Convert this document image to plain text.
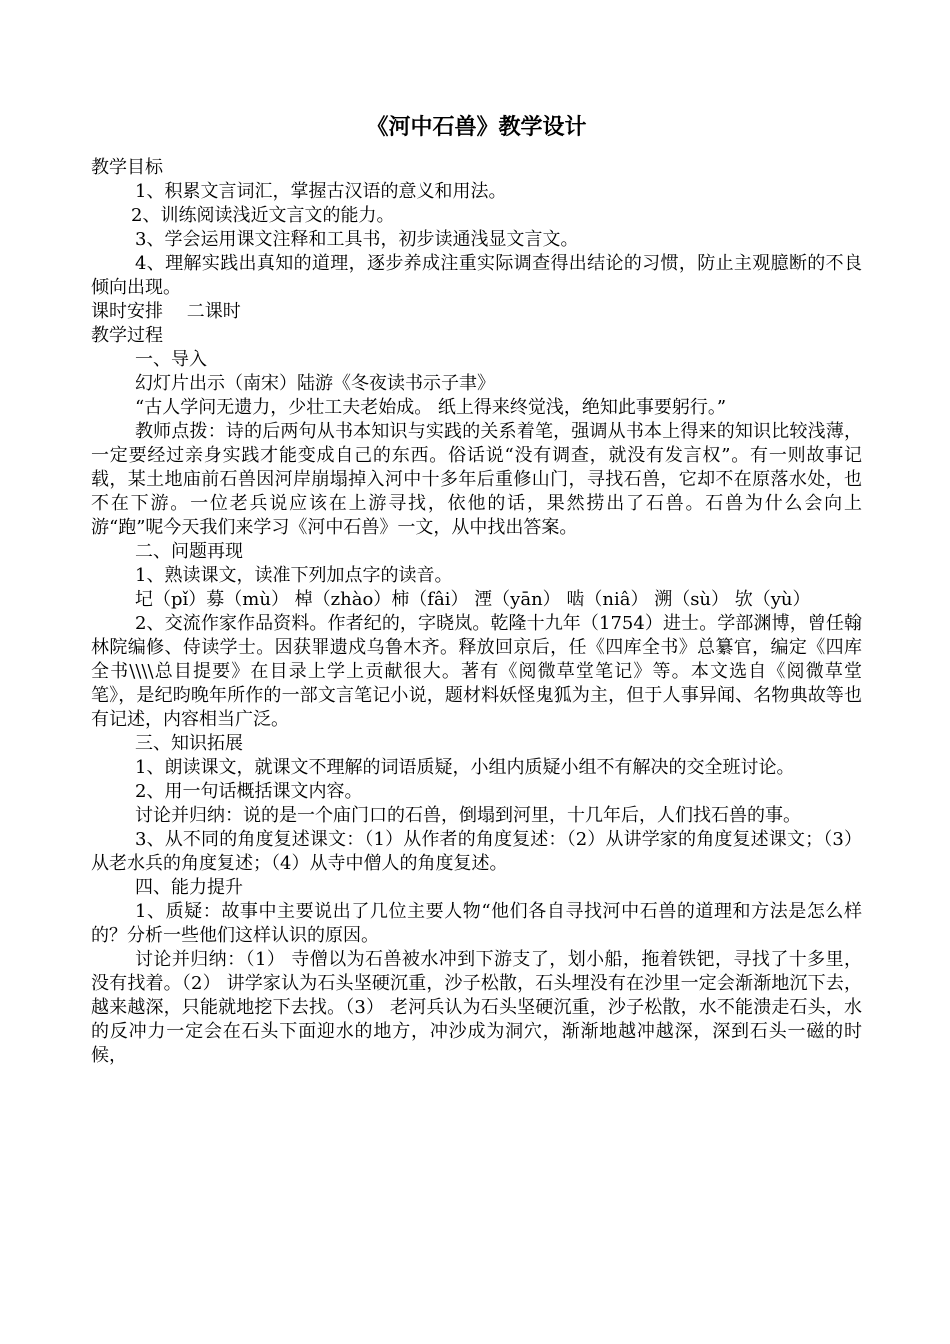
《河中石兽》教学设计

教学目标

1、积累文言词汇，掌握古汉语的意义和用法。

2、训练阅读浅近文言文的能力。

3、学会运用课文注释和工具书，初步读通浅显文言文。

4、理解实践出真知的道理，逐步养成注重实际调查得出结论的习惯，防止主观臆断的不良倾向出现。

课时安排　 二课时

教学过程

一、导入

幻灯片出示（南宋）陆游《冬夜读书示子聿》

“古人学问无遗力，少壮工夫老始成。 纸上得来终觉浅，绝知此事要躬行。”

教师点拨：诗的后两句从书本知识与实践的关系着笔，强调从书本上得来的知识比较浅薄，一定要经过亲身实践才能变成自己的东西。俗话说“没有调查，就没有发言权”。有一则故事记载，某土地庙前石兽因河岸崩塌掉入河中十多年后重修山门，寻找石兽，它却不在原落水处，也不在下游。一位老兵说应该在上游寻找，依他的话，果然捞出了石兽。石兽为什么会向上游“跑”呢今天我们来学习《河中石兽》一文，从中找出答案。

二、问题再现

1、熟读课文，读准下列加点字的读音。

圮（pǐ）募（mù） 棹（zhào）柿（fâi） 湮（yān） 啮（niâ） 溯（sù） 欤（yù）

2、交流作家作品资料。作者纪的，字晓岚。乾隆十九年（1754）进士。学部渊博，曾任翰林院编修、侍读学士。因获罪遗戍乌鲁木齐。释放回京后，任《四库全书》总纂官，编定《四库全书\\\\总目提要》在目录上学上贡献很大。著有《阅微草堂笔记》等。本文选自《阅微草堂笔》，是纪昀晚年所作的一部文言笔记小说，题材料妖怪鬼狐为主，但于人事异闻、名物典故等也有记述，内容相当广泛。

三、知识拓展

1、朗读课文，就课文不理解的词语质疑，小组内质疑小组不有解决的交全班讨论。

2、用一句话概括课文内容。

讨论并归纳：说的是一个庙门口的石兽，倒塌到河里，十几年后，人们找石兽的事。

3、从不同的角度复述课文：（1）从作者的角度复述：（2）从讲学家的角度复述课文；（3）从老水兵的角度复述；（4）从寺中僧人的角度复述。

四、能力提升

1、质疑：故事中主要说出了几位主要人物“他们各自寻找河中石兽的道理和方法是怎么样的？分析一些他们这样认识的原因。

讨论并归纳：（1） 寺僧以为石兽被水冲到下游支了，划小船，拖着铁钯，寻找了十多里，没有找着。（2） 讲学家认为石头坚硬沉重，沙子松散，石头埋没有在沙里一定会渐渐地沉下去，越来越深，只能就地挖下去找。（3） 老河兵认为石头坚硬沉重，沙子松散，水不能溃走石头，水的反冲力一定会在石头下面迎水的地方，冲沙成为洞穴，渐渐地越冲越深，深到石头一磁的时候，
